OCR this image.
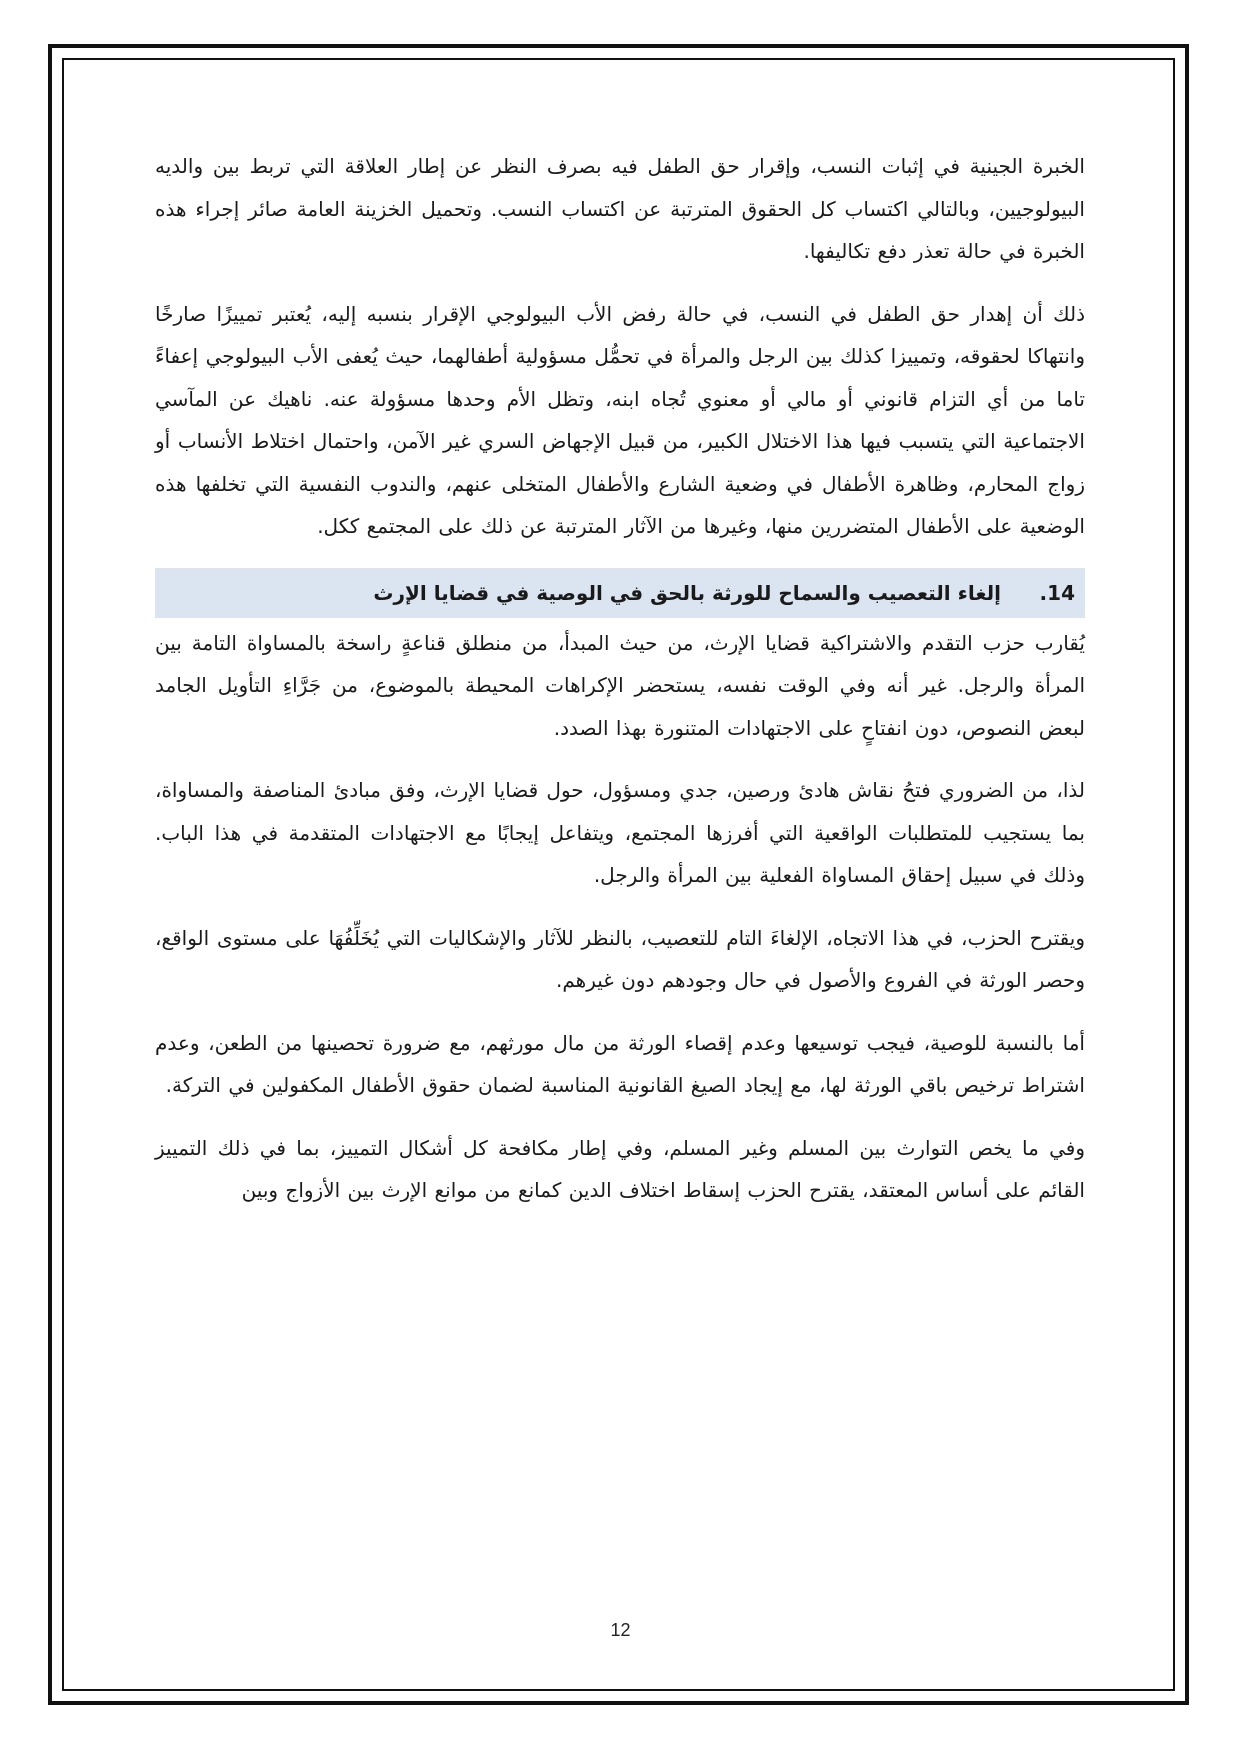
الخبرة الجينية في إثبات النسب، وإقرار حق الطفل فيه بصرف النظر عن إطار العلاقة التي تربط بين والديه البيولوجيين، وبالتالي اكتساب كل الحقوق المترتبة عن اكتساب النسب. وتحميل الخزينة العامة صائر إجراء هذه الخبرة في حالة تعذر دفع تكاليفها.

ذلك أن إهدار حق الطفل في النسب، في حالة رفض الأب البيولوجي الإقرار بنسبه إليه، يُعتبر تمييزًا صارخًا وانتهاكا لحقوقه، وتمييزا كذلك بين الرجل والمرأة في تحمُّل مسؤولية أطفالهما، حيث يُعفى الأب البيولوجي إعفاءً تاما من أي التزام قانوني أو مالي أو معنوي تُجاه ابنه، وتظل الأم وحدها مسؤولة عنه. ناهيك عن المآسي الاجتماعية التي يتسبب فيها هذا الاختلال الكبير، من قبيل الإجهاض السري غير الآمن، واحتمال اختلاط الأنساب أو زواج المحارم، وظاهرة الأطفال في وضعية الشارع والأطفال المتخلى عنهم، والندوب النفسية التي تخلفها هذه الوضعية على الأطفال المتضررين منها، وغيرها من الآثار المترتبة عن ذلك على المجتمع ككل.

14.
إلغاء التعصيب والسماح للورثة بالحق في الوصية في قضايا الإرث

يُقارب حزب التقدم والاشتراكية قضايا الإرث، من حيث المبدأ، من منطلق قناعةٍ راسخة بالمساواة التامة بين المرأة والرجل. غير أنه وفي الوقت نفسه، يستحضر الإكراهات المحيطة بالموضوع، من جَرَّاءِ التأويل الجامد لبعض النصوص، دون انفتاحٍ على الاجتهادات المتنورة بهذا الصدد.

لذا، من الضروري فتحُ نقاش هادئ ورصين، جدي ومسؤول، حول قضايا الإرث، وفق مبادئ المناصفة والمساواة، بما يستجيب للمتطلبات الواقعية التي أفرزها المجتمع، ويتفاعل إيجابًا مع الاجتهادات المتقدمة في هذا الباب. وذلك في سبيل إحقاق المساواة الفعلية بين المرأة والرجل.

ويقترح الحزب، في هذا الاتجاه، الإلغاءَ التام للتعصيب، بالنظر للآثار والإشكاليات التي يُخَلِّفُهَا على مستوى الواقع، وحصر الورثة في الفروع والأصول في حال وجودهم دون غيرهم.

أما بالنسبة للوصية، فيجب توسيعها وعدم إقصاء الورثة من مال مورثهم، مع ضرورة تحصينها من الطعن، وعدم اشتراط ترخيص باقي الورثة لها، مع إيجاد الصيغ القانونية المناسبة لضمان حقوق الأطفال المكفولين في التركة.

وفي ما يخص التوارث بين المسلم وغير المسلم، وفي إطار مكافحة كل أشكال التمييز، بما في ذلك التمييز القائم على أساس المعتقد، يقترح الحزب إسقاط اختلاف الدين كمانع من موانع الإرث بين الأزواج وبين

12
